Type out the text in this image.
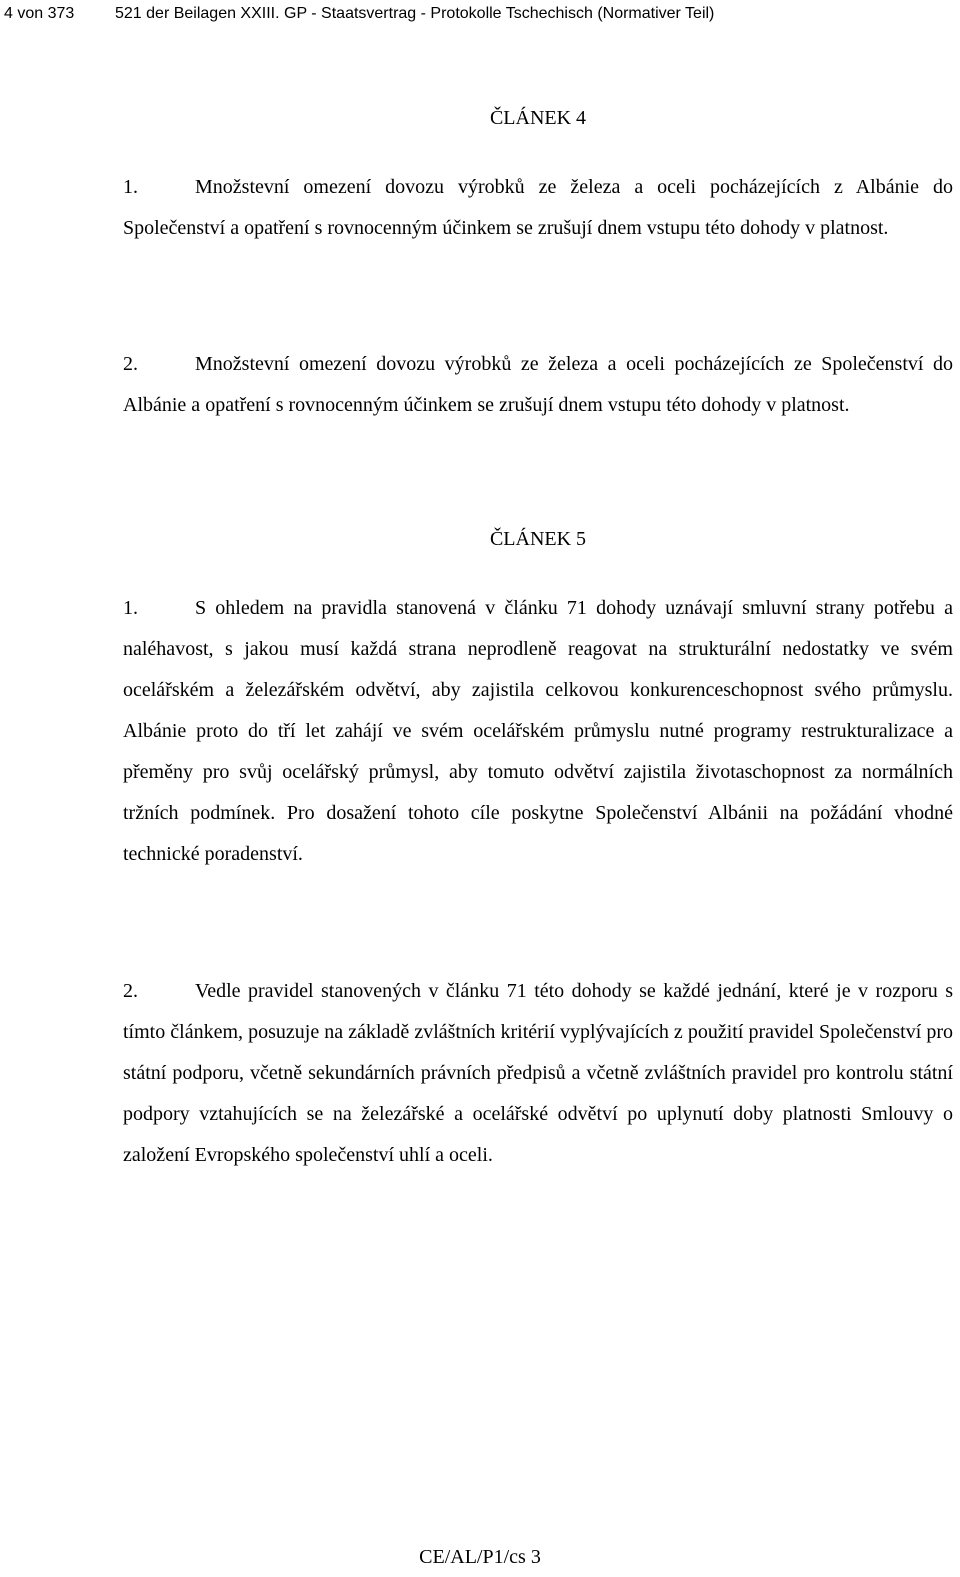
4 von 373	521 der Beilagen XXIII. GP - Staatsvertrag - Protokolle Tschechisch (Normativer Teil)
ČLÁNEK 4

1.	Množstevní omezení dovozu výrobků ze železa a oceli pocházejících z Albánie do Společenství a opatření s rovnocenným účinkem se zrušují dnem vstupu této dohody v platnost.

2.	Množstevní omezení dovozu výrobků ze železa a oceli pocházejících ze Společenství do Albánie a opatření s rovnocenným účinkem se zrušují dnem vstupu této dohody v platnost.

ČLÁNEK 5

1.	S ohledem na pravidla stanovená v článku 71 dohody uznávají smluvní strany potřebu a naléhavost, s jakou musí každá strana neprodleně reagovat na strukturální nedostatky ve svém ocelářském a železářském odvětví, aby zajistila celkovou konkurenceschopnost svého průmyslu. Albánie proto do tří let zahájí ve svém ocelářském průmyslu nutné programy restrukturalizace a přeměny pro svůj ocelářský průmysl, aby tomuto odvětví zajistila životaschopnost za normálních tržních podmínek. Pro dosažení tohoto cíle poskytne Společenství Albánii na požádání vhodné technické poradenství.

2.	Vedle pravidel stanovených v článku 71 této dohody se každé jednání, které je v rozporu s tímto článkem, posuzuje na základě zvláštních kritérií vyplývajících z použití pravidel Společenství pro státní podporu, včetně sekundárních právních předpisů a včetně zvláštních pravidel pro kontrolu státní podpory vztahujících se na železářské a ocelářské odvětví po uplynutí doby platnosti Smlouvy o založení Evropského společenství uhlí a oceli.

CE/AL/P1/cs 3
